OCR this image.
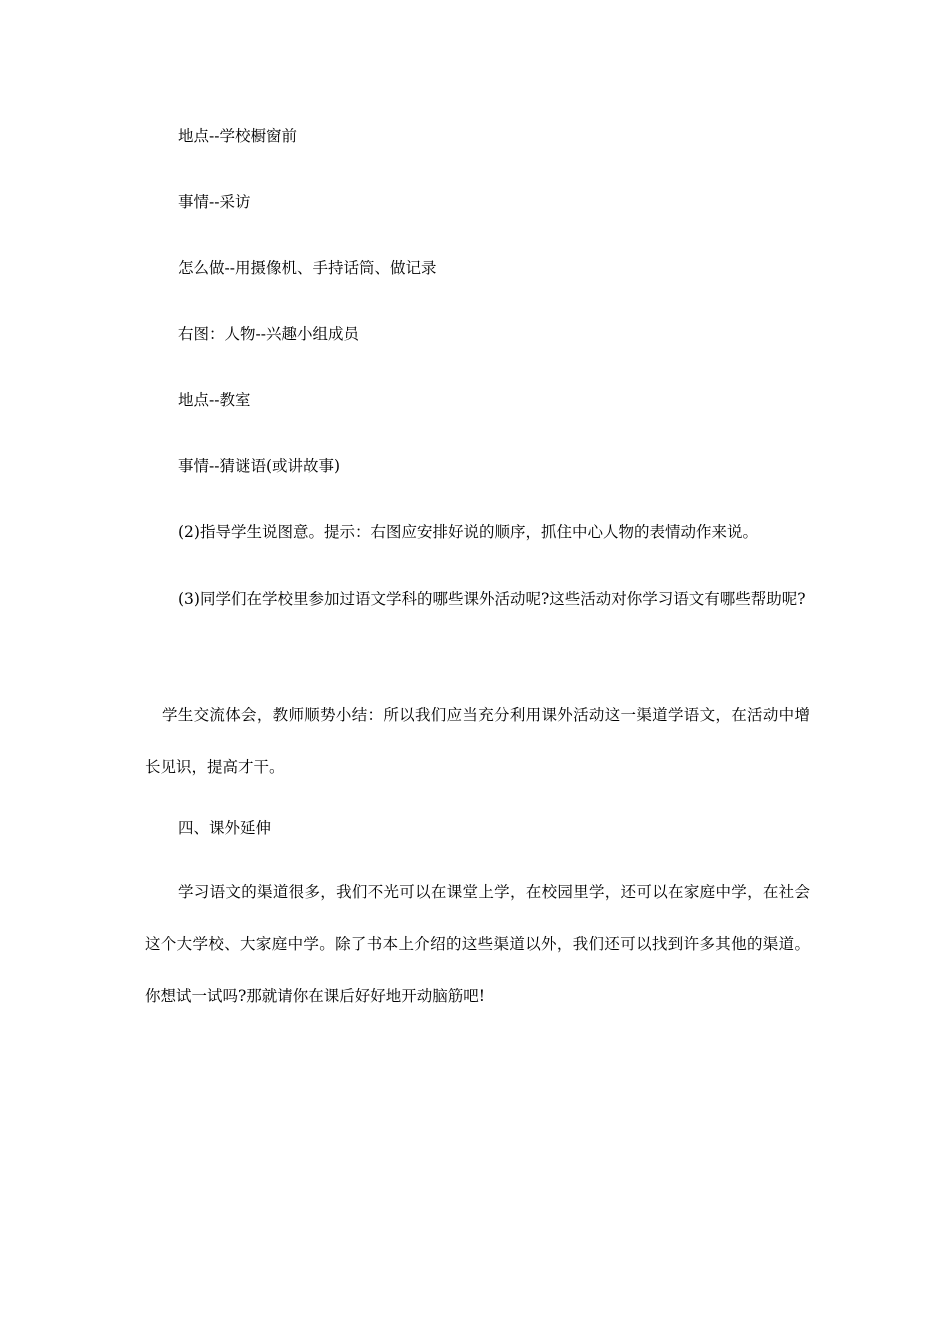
地点--学校橱窗前
事情--采访
怎么做--用摄像机、手持话筒、做记录
右图：人物--兴趣小组成员
地点--教室
事情--猜谜语(或讲故事)
(2)指导学生说图意。提示：右图应安排好说的顺序，抓住中心人物的表情动作来说。
(3)同学们在学校里参加过语文学科的哪些课外活动呢?这些活动对你学习语文有哪些帮助呢?
学生交流体会，教师顺势小结：所以我们应当充分利用课外活动这一渠道学语文，在活动中增长见识，提高才干。
四、课外延伸
学习语文的渠道很多，我们不光可以在课堂上学，在校园里学，还可以在家庭中学，在社会这个大学校、大家庭中学。除了书本上介绍的这些渠道以外，我们还可以找到许多其他的渠道。你想试一试吗?那就请你在课后好好地开动脑筋吧!
